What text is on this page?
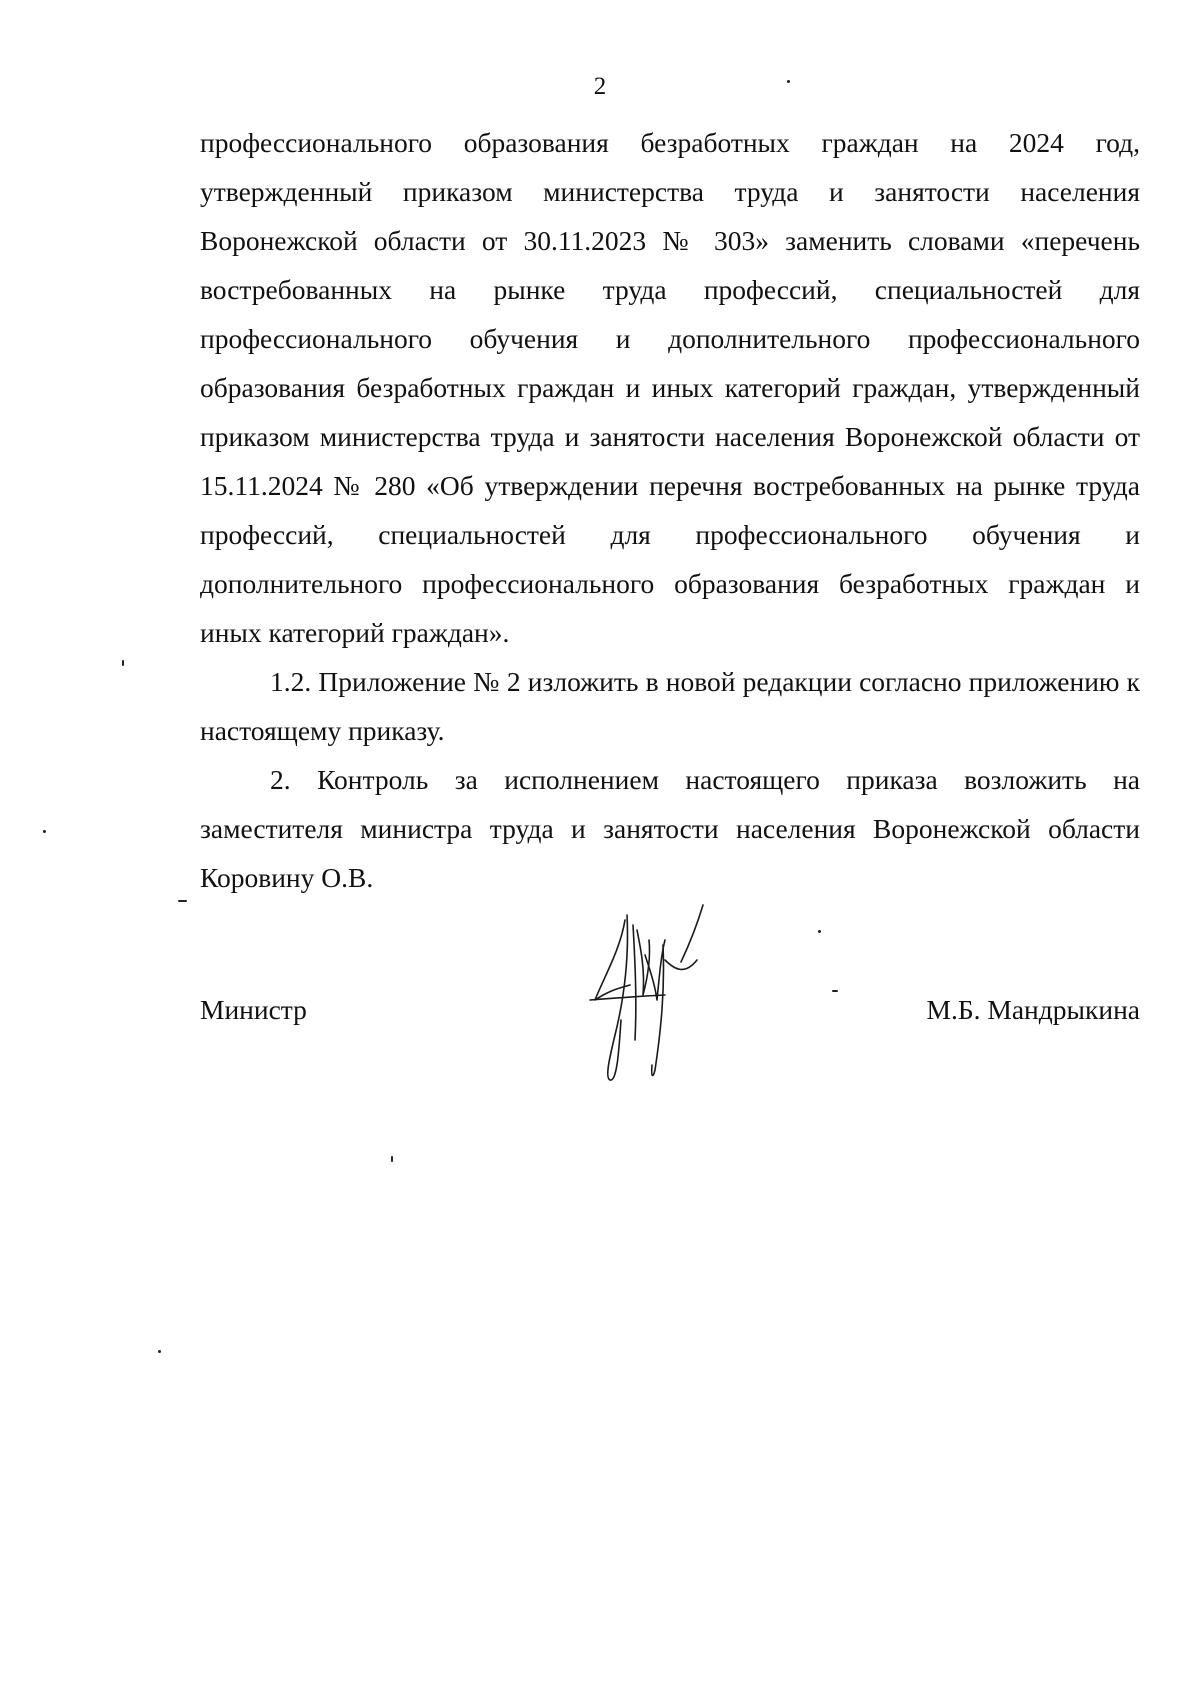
2

профессионального образования безработных граждан на 2024 год, утвержденный приказом министерства труда и занятости населения Воронежской области от 30.11.2023 № 303» заменить словами «перечень востребованных на рынке труда профессий, специальностей для профессионального обучения и дополнительного профессионального образования безработных граждан и иных категорий граждан, утвержденный приказом министерства труда и занятости населения Воронежской области от 15.11.2024 № 280 «Об утверждении перечня востребованных на рынке труда профессий, специальностей для профессионального обучения и дополнительного профессионального образования безработных граждан и иных категорий граждан».

1.2. Приложение № 2 изложить в новой редакции согласно приложению к настоящему приказу.

2. Контроль за исполнением настоящего приказа возложить на заместителя министра труда и занятости населения Воронежской области Коровину О.В.

Министр	М.Б. Мандрыкина
